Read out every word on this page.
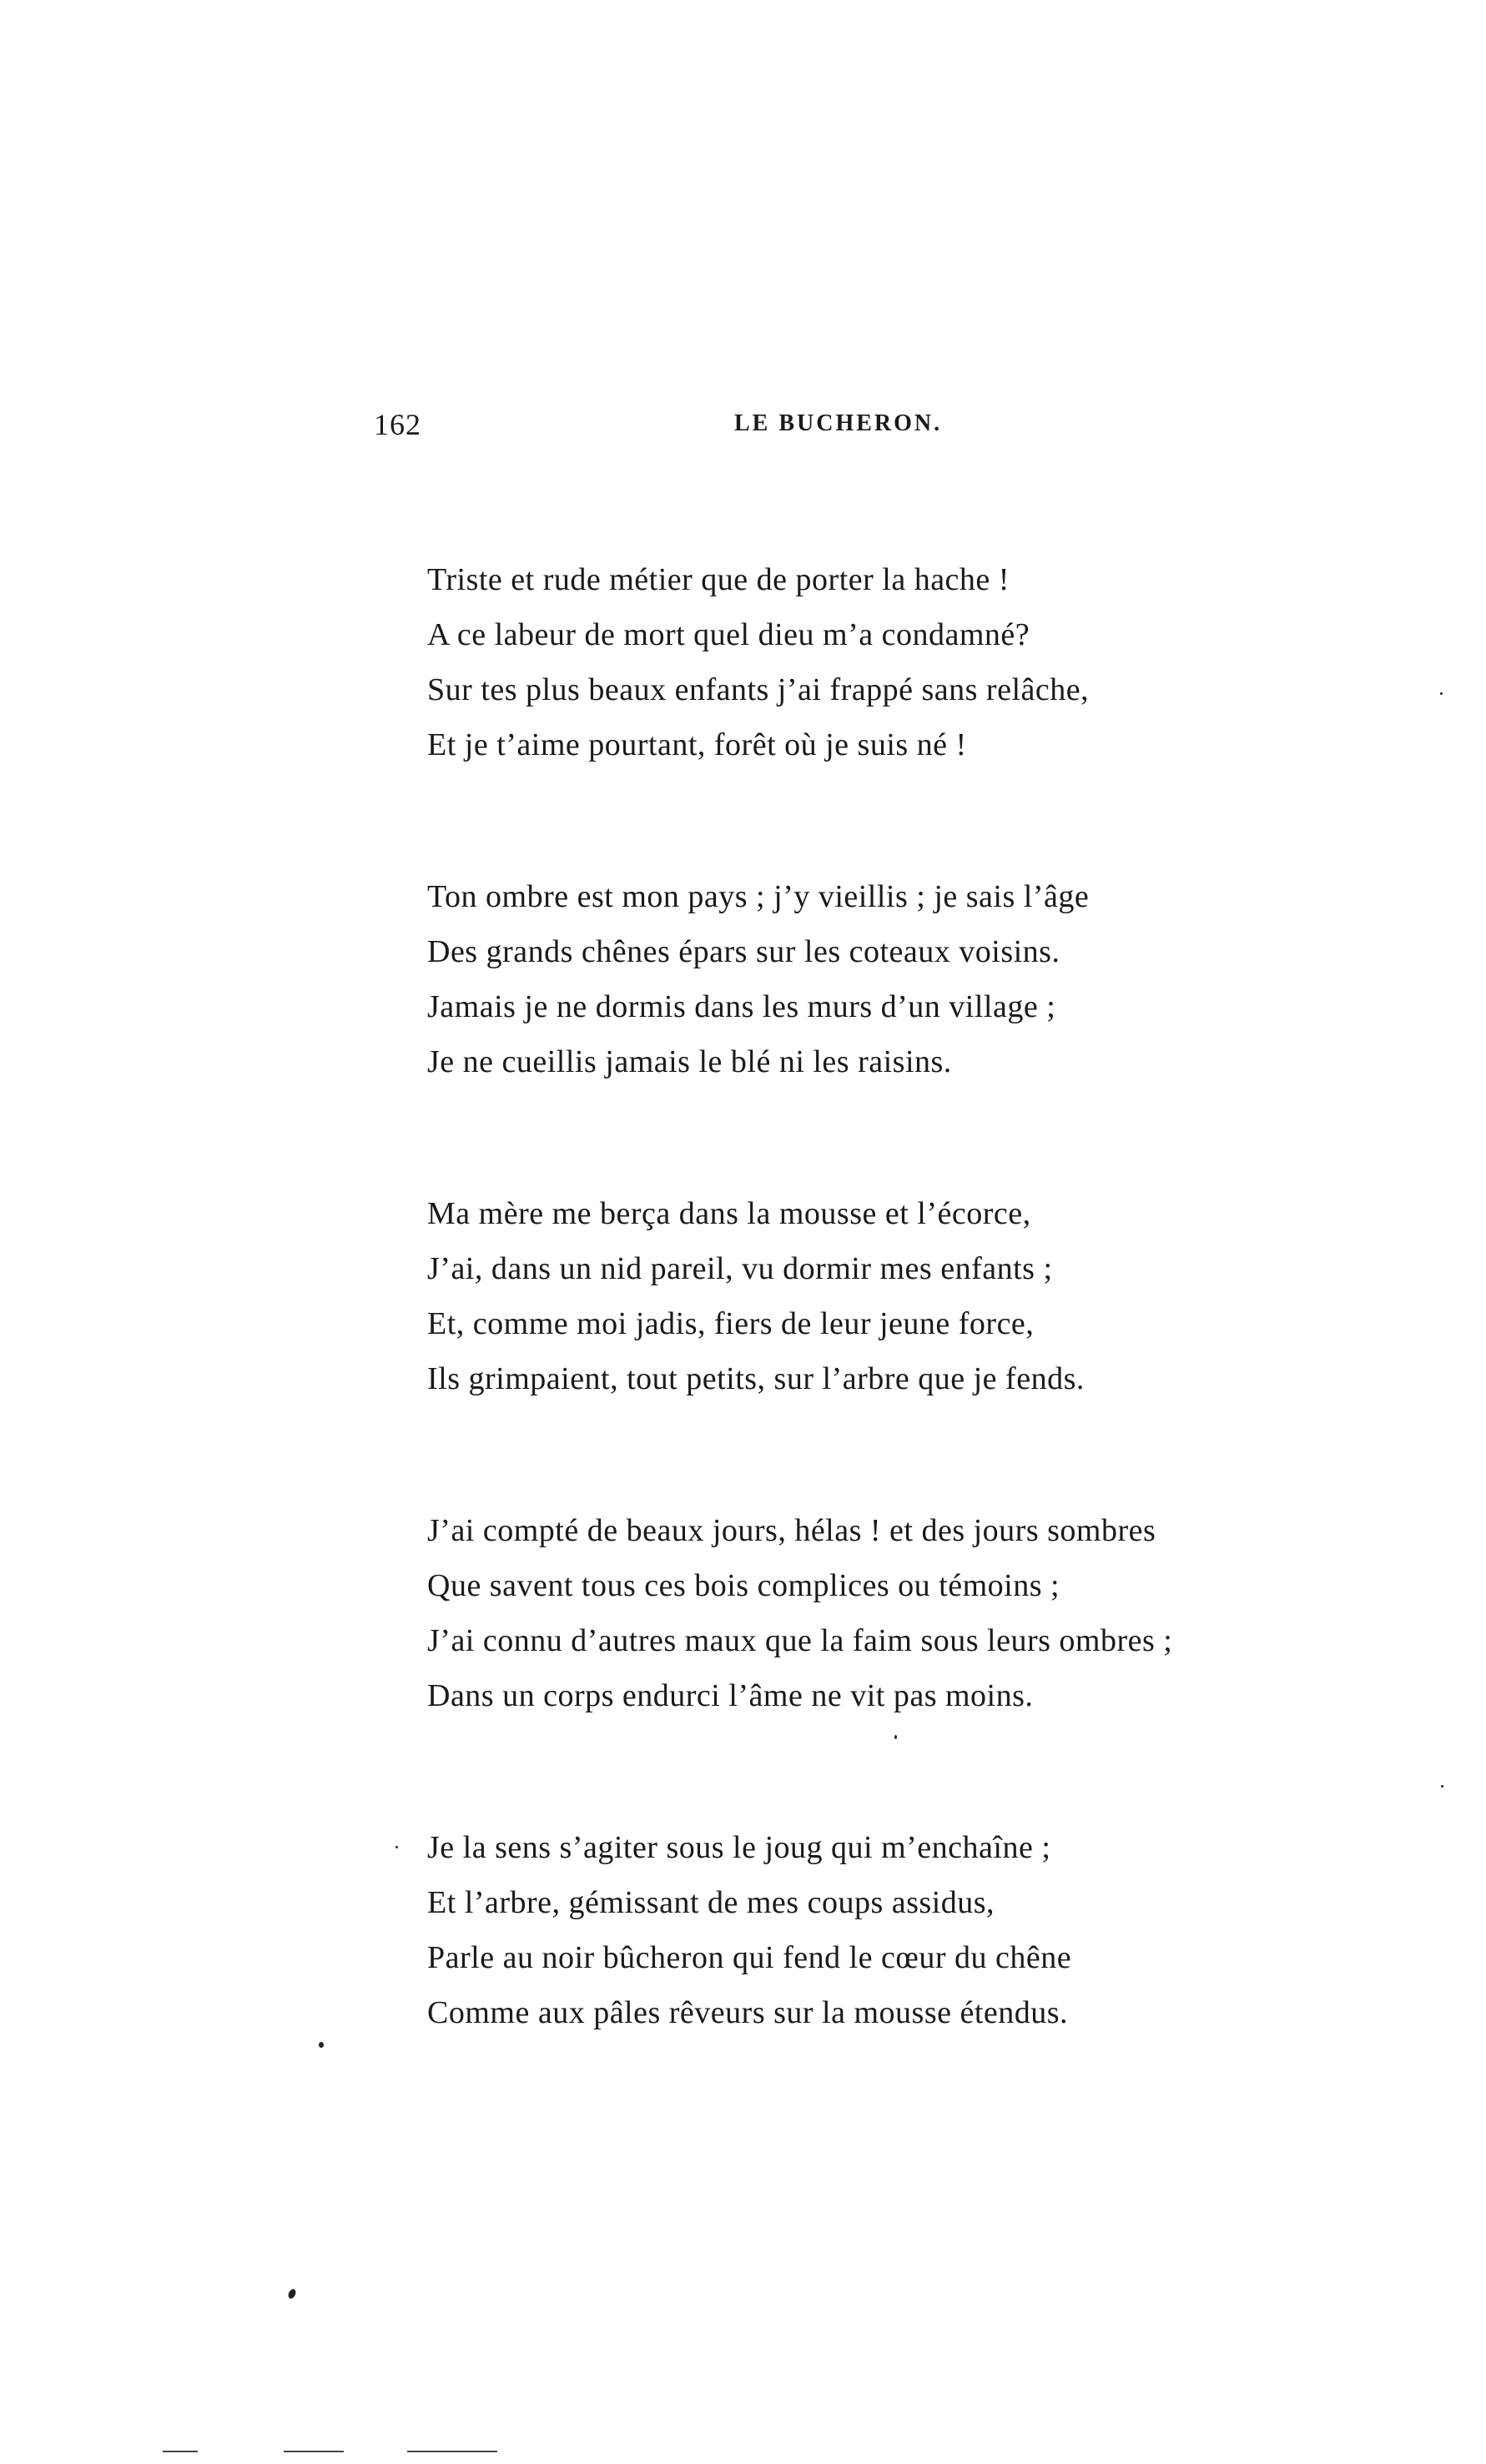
162	LE BUCHERON.
Triste et rude métier que de porter la hache !
A ce labeur de mort quel dieu m’a condamné?
Sur tes plus beaux enfants j’ai frappé sans relâche,
Et je t’aime pourtant, forêt où je suis né !
Ton ombre est mon pays ; j’y vieillis ; je sais l’âge
Des grands chênes épars sur les coteaux voisins.
Jamais je ne dormis dans les murs d’un village ;
Je ne cueillis jamais le blé ni les raisins.
Ma mère me berça dans la mousse et l’écorce,
J’ai, dans un nid pareil, vu dormir mes enfants ;
Et, comme moi jadis, fiers de leur jeune force,
Ils grimpaient, tout petits, sur l’arbre que je fends.
J’ai compté de beaux jours, hélas ! et des jours sombres
Que savent tous ces bois complices ou témoins ;
J’ai connu d’autres maux que la faim sous leurs ombres ;
Dans un corps endurci l’âme ne vit pas moins.
Je la sens s’agiter sous le joug qui m’enchaîne ;
Et l’arbre, gémissant de mes coups assidus,
Parle au noir bûcheron qui fend le cœur du chêne
Comme aux pâles rêveurs sur la mousse étendus.
